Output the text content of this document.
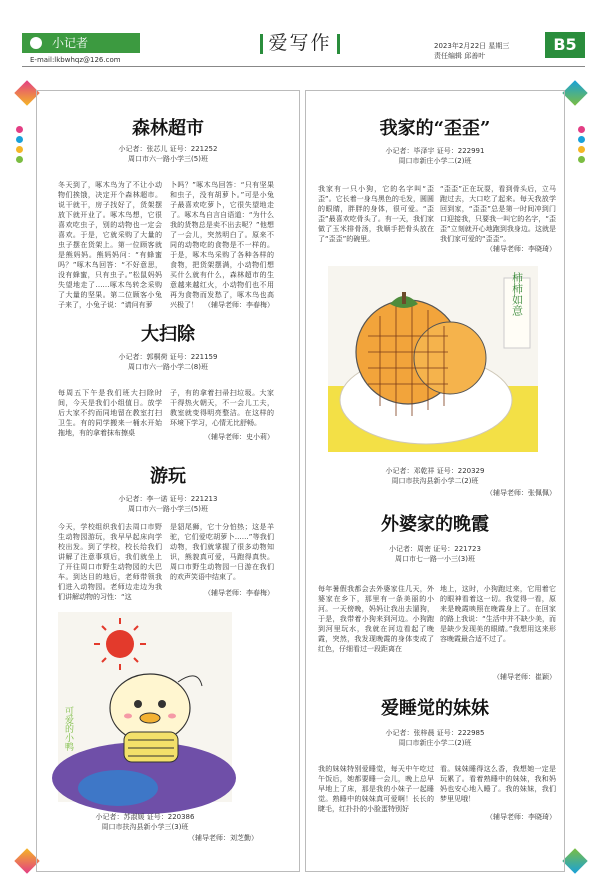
小记者	爱写作	2023年2月22日 星期三
责任编辑 邱善叶
B5
E-mail:lkbwhqz@126.com
森林超市
小记者：张芯儿 证号：221252
周口市六一路小学三(5)班
冬天到了，啄木鸟为了不让小动物们挨饿，决定开个森林超市。说干就干，房子找好了，货架摆放下就开业了。啄木鸟想，它很喜欢吃虫子，别的动物也一定会喜欢。于是，它就采购了大量的虫子摆在货架上。第一位顾客就是熊妈妈。熊妈妈问：“有蜂蜜吗？”啄木鸟回答：“不好意思，没有蜂蜜，只有虫子。”松鼠妈妈失望地走了……啄木鸟转念采购了大量的坚果。第二位顾客小兔子来了，小兔子说：“请问有萝
卜吗？”啄木鸟回答：“只有坚果和虫子，没有胡萝卜。”可是小兔子最喜欢吃萝卜，它很失望地走了。啄木鸟自言自语道：“为什么我的货物总是卖不出去呢？”他想了一会儿，突然明白了。原来不同的动物吃的食物是不一样的。于是，啄木鸟采购了各种各样的食物，把货架摆满，小动物们想买什么就有什么，森林超市的生意越来越红火，小动物们也不用再为食物而发愁了，啄木鸟也高兴极了！ （辅导老师：李春梅）
大扫除
小记者：郭桐荷 证号：221159
周口市六一路小学二(8)班
每周五下午是我们班大扫除时间，今天是我们小组值日。放学后大家不约而同地留在教室打扫卫生。有的同学搬来一桶水开始拖地，有的拿着抹布擦桌
子，有的拿着扫帚扫垃圾。大家干得热火朝天，不一会儿工夫，教室就变得明亮整洁。在这样的环境下学习，心情无比舒畅。
（辅导老师：史小莉）
游玩
小记者：李一诺 证号：221213
周口市六一路小学三(5)班
今天，学校组织我们去周口市野生动物园游玩，我早早起床向学校出发。到了学校，校长给我们讲解了注意事项后，我们就坐上了开往周口市野生动物园的大巴车。到达目的地后，老师带领我们进入动物园。老师边走边为我们讲解动物的习性：“这
是貂尾狮，它十分怕热；这是羊驼，它们爱吃胡萝卜……”等我们动物，我们就掌握了很多动物知识，熊貌真可爱，马跑得真快。周口市野生动物园一日游在我们的欢声笑语中结束了。
（辅导老师：李春梅）
可爱的小鸭
小记者：苏淑媛 证号：220386
周口市扶沟县新小学三(3)班
（辅导老师：刘芝勤）
我家的“歪歪”
小记者：毕泽宇 证号：222991
周口市新庄小学二(2)班
我家有一只小狗，它的名字叫“歪歪”。它长着一身乌黑色的毛发，圆圆的眼睛，胖胖的身体，很可爱。“歪歪”最喜欢吃骨头了。有一天，我们家做了玉米排骨汤，我顺手把骨头放在了“歪歪”的碗里。
“歪歪”正在玩耍，看到骨头后，立马跑过去，大口吃了起来。每天我放学回到家，“歪歪”总是第一时间冲到门口迎接我，只要我一叫它的名字，“歪歪”立刻就开心地跑到我身边。这就是我们家可爱的“歪歪”。
（辅导老师：李晓琦）
柿柿如意
小记者：邓乾祥 证号：220329
周口市扶沟县新小学二(2)班
（辅导老师：张佩佩）
外婆家的晚霞
小记者：周密 证号：221723
周口市七一路一小三(3)班
每年暑假我都会去外婆家住几天，外婆家在乡下，那里有一条美丽的小河。一天傍晚，妈妈让我出去遛狗，于是，我带着小狗来到河边。小狗跑到河里玩水，我就在河边看起了晚霞，突然，我发现晚霞的身体变成了红色，仔细看过一段距离在
地上，这时，小狗跑过来，它用着它的眼神看着这一切。我觉得一看，原来是晚霞映照在晚霞身上了。在回家的路上我说：“生活中并不缺少美，而是缺少发现美的眼睛。”我想用这来形容晚霞最合适不过了。
（辅导老师：崔颖）
爱睡觉的妹妹
小记者：张梓晨 证号：222985
周口市新庄小学二(2)班
我的妹妹特别爱睡觉，每天中午吃过午饭后，她都要睡一会儿，晚上总早早地上了床，那是我的小妹子一起睡觉。熟睡中的妹妹真可爱啊！长长的睫毛，红扑扑的小脸蛋特别好
看。妹妹睡得这么香，我想她一定是玩累了。看着熟睡中的妹妹，我和妈妈也安心地入睡了。我的妹妹，我们梦里见哦！
（辅导老师：李晓琦）
